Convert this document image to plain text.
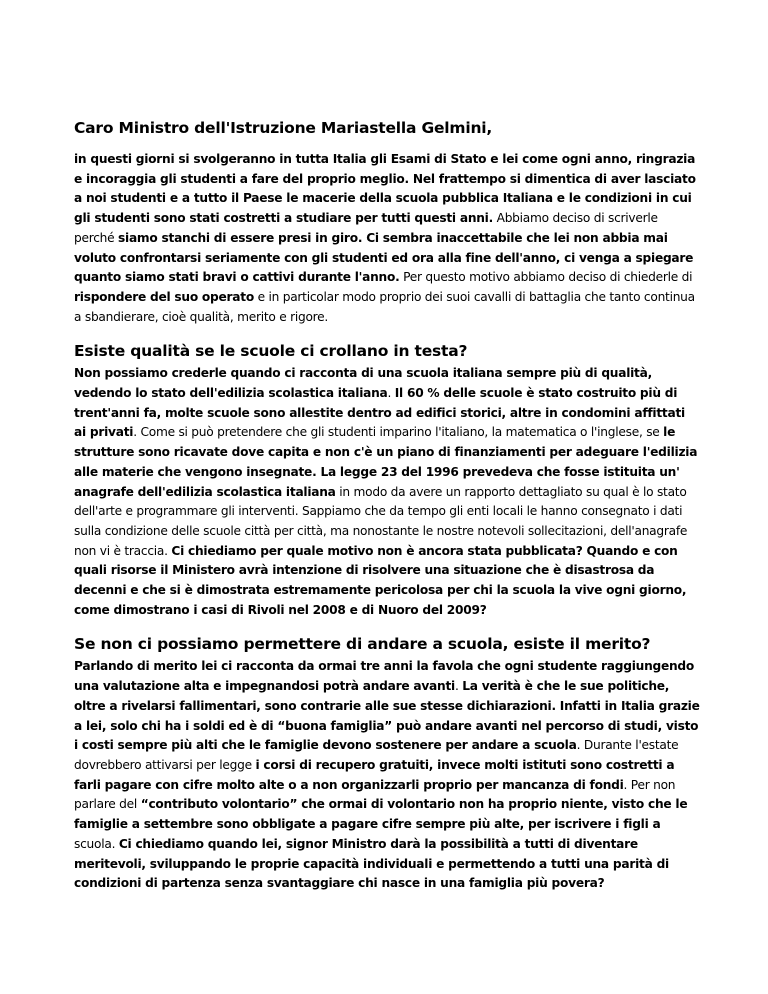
Caro Ministro dell'Istruzione Mariastella Gelmini,

in questi giorni si svolgeranno in tutta Italia gli Esami di Stato e lei come ogni anno, ringrazia e incoraggia gli studenti a fare del proprio meglio. Nel frattempo si dimentica di aver lasciato a noi studenti e a tutto il Paese le macerie della scuola pubblica Italiana e le condizioni in cui gli studenti sono stati costretti a studiare per tutti questi anni. Abbiamo deciso di scriverle perché siamo stanchi di essere presi in giro. Ci sembra inaccettabile che lei non abbia mai voluto confrontarsi seriamente con gli studenti ed ora alla fine dell'anno, ci venga a spiegare quanto siamo stati bravi o cattivi durante l'anno. Per questo motivo abbiamo deciso di chiederle di rispondere del suo operato e in particolar modo proprio dei suoi cavalli di battaglia che tanto continua a sbandierare, cioè qualità, merito e rigore.

Esiste qualità se le scuole ci crollano in testa?

Non possiamo crederle quando ci racconta di una scuola italiana sempre più di qualità, vedendo lo stato dell'edilizia scolastica italiana. Il 60 % delle scuole è stato costruito più di trent'anni fa, molte scuole sono allestite dentro ad edifici storici, altre in condomini affittati ai privati. Come si può pretendere che gli studenti imparino l'italiano, la matematica o l'inglese, se le strutture sono ricavate dove capita e non c'è un piano di finanziamenti per adeguare l'edilizia alle materie che vengono insegnate. La legge 23 del 1996 prevedeva che fosse istituita un' anagrafe dell'edilizia scolastica italiana in modo da avere un rapporto dettagliato su qual è lo stato dell'arte e programmare gli interventi. Sappiamo che da tempo gli enti locali le hanno consegnato i dati sulla condizione delle scuole città per città, ma nonostante le nostre notevoli sollecitazioni, dell'anagrafe non vi è traccia. Ci chiediamo per quale motivo non è ancora stata pubblicata? Quando e con quali risorse il Ministero avrà intenzione di risolvere una situazione che è disastrosa da decenni e che si è dimostrata estremamente pericolosa per chi la scuola la vive ogni giorno, come dimostrano i casi di Rivoli nel 2008 e di Nuoro del 2009?

Se non ci possiamo permettere di andare a scuola, esiste il merito?

Parlando di merito lei ci racconta da ormai tre anni la favola che ogni studente raggiungendo una valutazione alta e impegnandosi potrà andare avanti. La verità è che le sue politiche, oltre a rivelarsi fallimentari, sono contrarie alle sue stesse dichiarazioni. Infatti in Italia grazie a lei, solo chi ha i soldi ed è di “buona famiglia” può andare avanti nel percorso di studi, visto i costi sempre più alti che le famiglie devono sostenere per andare a scuola. Durante l'estate dovrebbero attivarsi per legge i corsi di recupero gratuiti, invece molti istituti sono costretti a farli pagare con cifre molto alte o a non organizzarli proprio per mancanza di fondi. Per non parlare del “contributo volontario” che ormai di volontario non ha proprio niente, visto che le famiglie a settembre sono obbligate a pagare cifre sempre più alte, per iscrivere i figli a scuola. Ci chiediamo quando lei, signor Ministro darà la possibilità a tutti di diventare meritevoli, sviluppando le proprie capacità individuali e permettendo a tutti una parità di condizioni di partenza senza svantaggiare chi nasce in una famiglia più povera?
